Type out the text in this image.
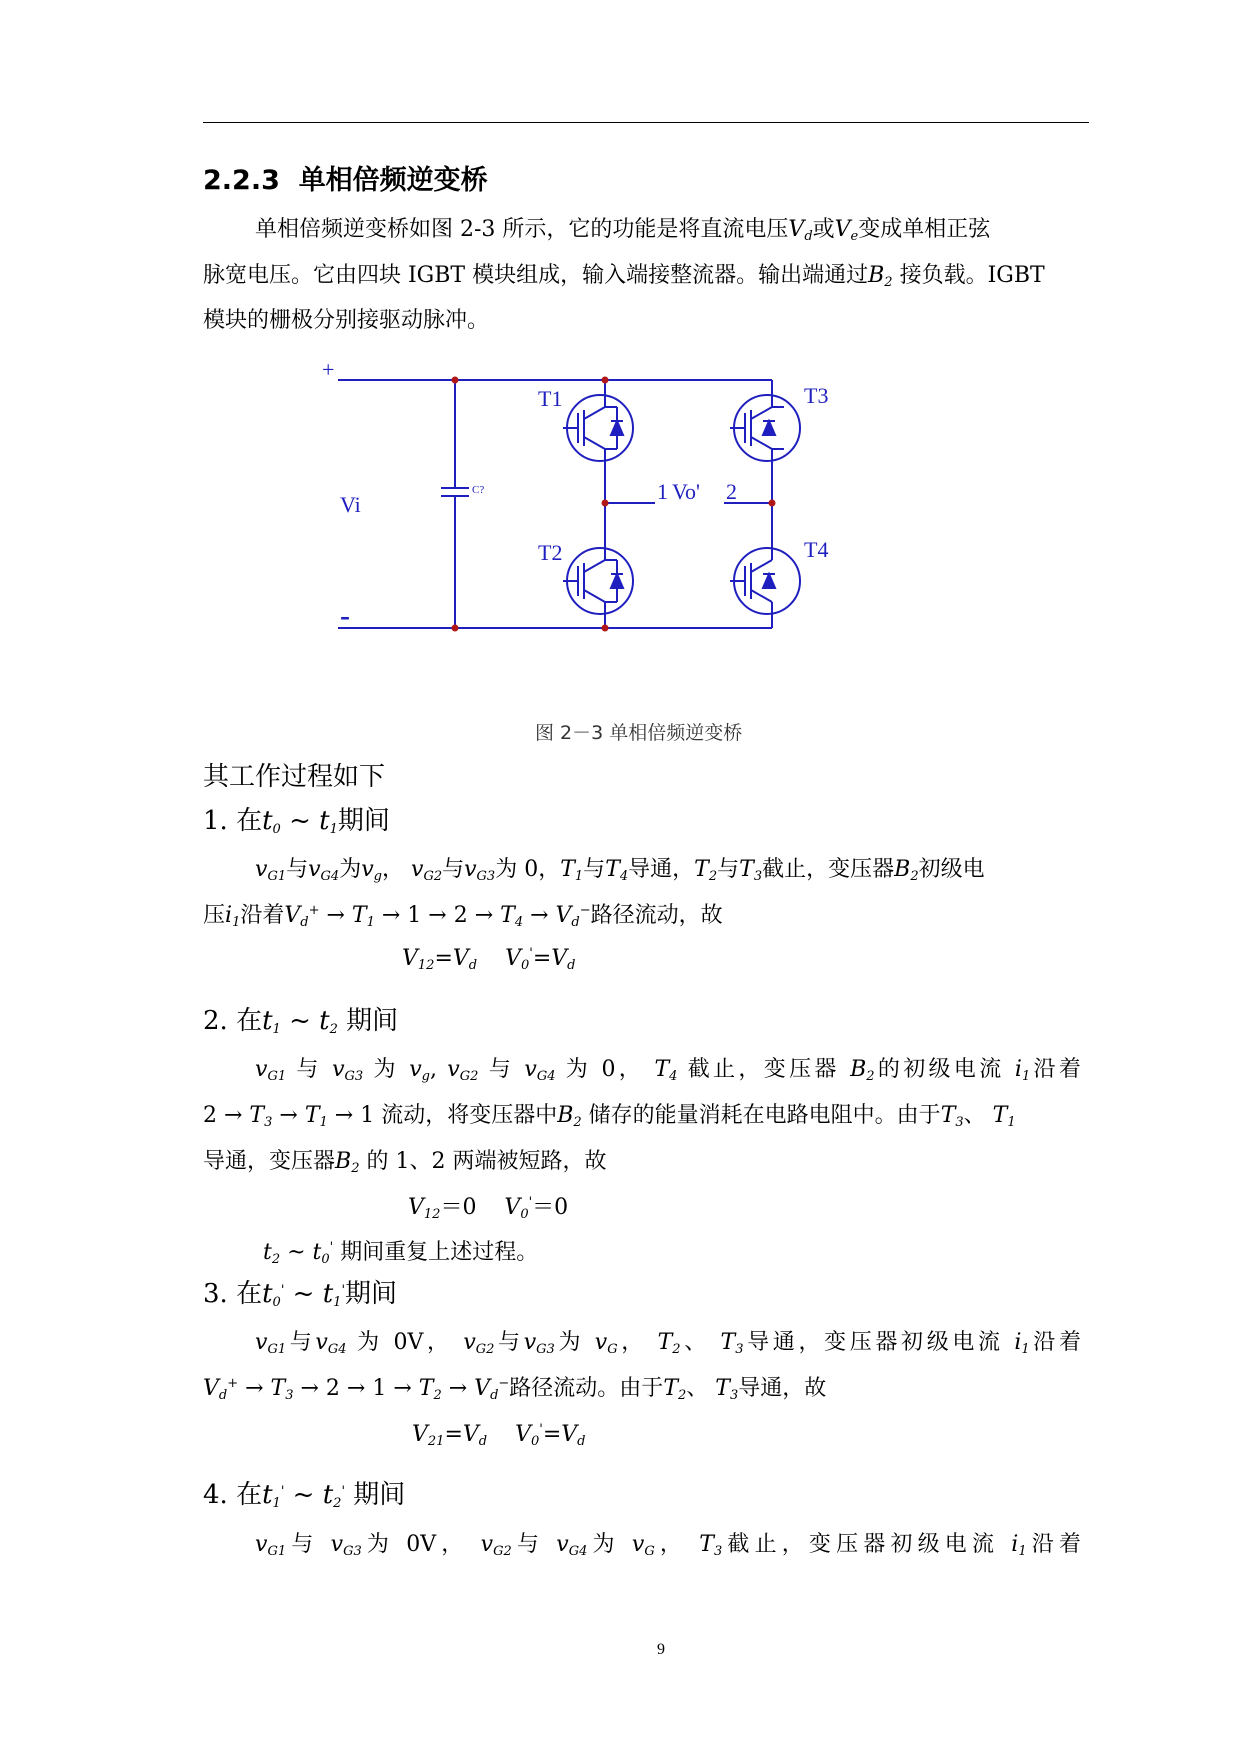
2.2.3 单相倍频逆变桥
单相倍频逆变桥如图 2-3 所示，它的功能是将直流电压$V_d$或$V_e$变成单相正弦
脉宽电压。它由四块 IGBT 模块组成，输入端接整流器。输出端通过$B_2$ 接负载。IGBT
模块的栅极分别接驱动脉冲。
+
-
Vi
C?
T1
T2
T3
T4
1 Vo' 2
图 2－3 单相倍频逆变桥
其工作过程如下
1. 在$t_0$ ~ $t_1$期间
$v_{G1}$与$v_{G4}$为$v_g$， $v_{G2}$与$v_{G3}$为 0，$T_1$与$T_4$导通，$T_2$与$T_3$截止，变压器$B_2$初级电
压$i_1$沿着$V_d^+ \to T_1 \to 1 \to 2 \to T_4 \to V_d^-$路径流动，故
$V_{12}=V_d$ $V_0'=V_d$
2. 在$t_1$ ~ $t_2$ 期间
$v_{G1}$ 与 $v_{G3}$ 为 $v_g$, $v_{G2}$ 与 $v_{G4}$ 为 0， $T_4$ 截止，变压器 $B_2$的初级电流 $i_1$沿着
$2 \to T_3 \to T_1 \to 1$ 流动，将变压器中$B_2$ 储存的能量消耗在电路电阻中。由于$T_3$、 $T_1$
导通，变压器$B_2$ 的 1、2 两端被短路，故
$V_{12}=0$ $V_0'=0$
$t_2$ ~ $t_0'$ 期间重复上述过程。
3. 在$t_0'$ ~ $t_1'$期间
$v_{G1}$与$v_{G4}$ 为 0V， $v_{G2}$与$v_{G3}$为 $v_G$， $T_2$、 $T_3$导通，变压器初级电流 $i_1$沿着
$V_d^+ \to T_3 \to 2 \to 1 \to T_2 \to V_d^-$路径流动。由于$T_2$、 $T_3$导通，故
$V_{21}=V_d$ $V_0'=V_d$
4. 在$t_1'$ ~ $t_2'$ 期间
$v_{G1}$与 $v_{G3}$为 0V， $v_{G2}$与 $v_{G4}$为 $v_G$， $T_3$截止，变压器初级电流 $i_1$沿着
9
